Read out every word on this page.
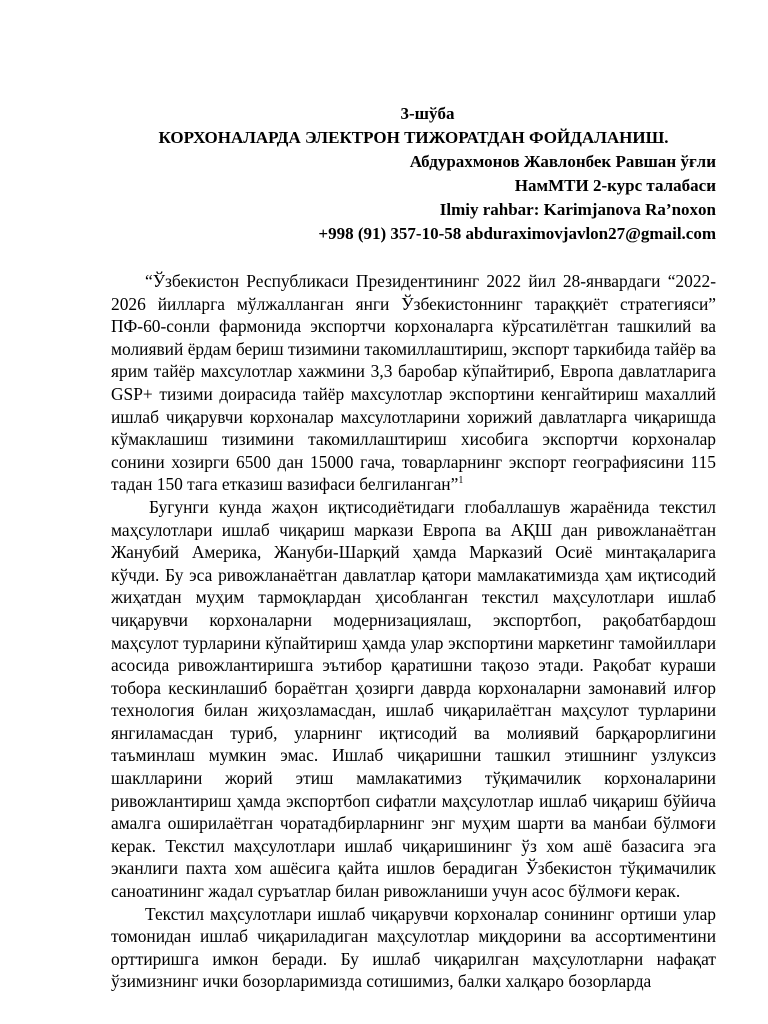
3-шўба
КОРХОНАЛАРДА ЭЛЕКТРОН ТИЖОРАТДАН ФОЙДАЛАНИШ.
Абдурахмонов Жавлонбек Равшан ўғли
НамМТИ 2-курс талабаси
Ilmiy rahbar: Karimjanova Ra’noxon
+998 (91) 357-10-58 abduraximovjavlon27@gmail.com

“Ўзбекистон Республикаси Президентининг 2022 йил 28-январдаги “2022-2026 йилларга мўлжалланган янги Ўзбекистоннинг тараққиёт стратегияси” ПФ-60-сонли фармонида экспортчи корхоналарга кўрсатилётган ташкилий ва молиявий ёрдам бериш тизимини такомиллаштириш, экспорт таркибида тайёр ва ярим тайёр махсулотлар хажмини 3,3 баробар кўпайтириб, Европа давлатларига GSP+ тизими доирасида тайёр махсулотлар экспортини кенгайтириш махаллий ишлаб чиқарувчи корхоналар махсулотларини хорижий давлатларга чиқаришда кўмаклашиш тизимини такомиллаштириш хисобига экспортчи корхоналар сонини хозирги 6500 дан 15000 гача, товарларнинг экспорт географиясини 115 тадан 150 тага етказиш вазифаси белгиланган”$^1$

Бугунги кунда жаҳон иқтисодиётидаги глобаллашув жараёнида текстил маҳсулотлари ишлаб чиқариш маркази Европа ва АҚШ дан ривожланаётган Жанубий Америка, Жануби-Шарқий ҳамда Марказий Осиё минтақаларига кўчди. Бу эса ривожланаётган давлатлар қатори мамлакатимизда ҳам иқтисодий жиҳатдан муҳим тармоқлардан ҳисобланган текстил маҳсулотлари ишлаб чиқарувчи корхоналарни модернизациялаш, экспортбоп, рақобатбардош маҳсулот турларини кўпайтириш ҳамда улар экспортини маркетинг тамойиллари асосида ривожлантиришга эътибор қаратишни тақозо этади. Рақобат кураши тобора кескинлашиб бораётган ҳозирги даврда корхоналарни замонавий илғор технология билан жиҳозламасдан, ишлаб чиқарилаётган маҳсулот турларини янгиламасдан туриб, уларнинг иқтисодий ва молиявий барқарорлигини таъминлаш мумкин эмас. Ишлаб чиқаришни ташкил этишнинг узлуксиз шаклларини жорий этиш мамлакатимиз тўқимачилик корхоналарини ривожлантириш ҳамда экспортбоп сифатли маҳсулотлар ишлаб чиқариш бўйича амалга оширилаётган чоратадбирларнинг энг муҳим шарти ва манбаи бўлмоғи керак. Текстил маҳсулотлари ишлаб чиқаришининг ўз хом ашё базасига эга эканлиги пахта хом ашёсига қайта ишлов берадиган Ўзбекистон тўқимачилик саноатининг жадал суръатлар билан ривожланиши учун асос бўлмоғи керак.

Текстил маҳсулотлари ишлаб чиқарувчи корхоналар сонининг ортиши улар томонидан ишлаб чиқариладиган маҳсулотлар миқдорини ва ассортиментини орттиришга имкон беради. Бу ишлаб чиқарилган маҳсулотларни нафақат ўзимизнинг ички бозорларимизда сотишимиз, балки халқаро бозорларда
